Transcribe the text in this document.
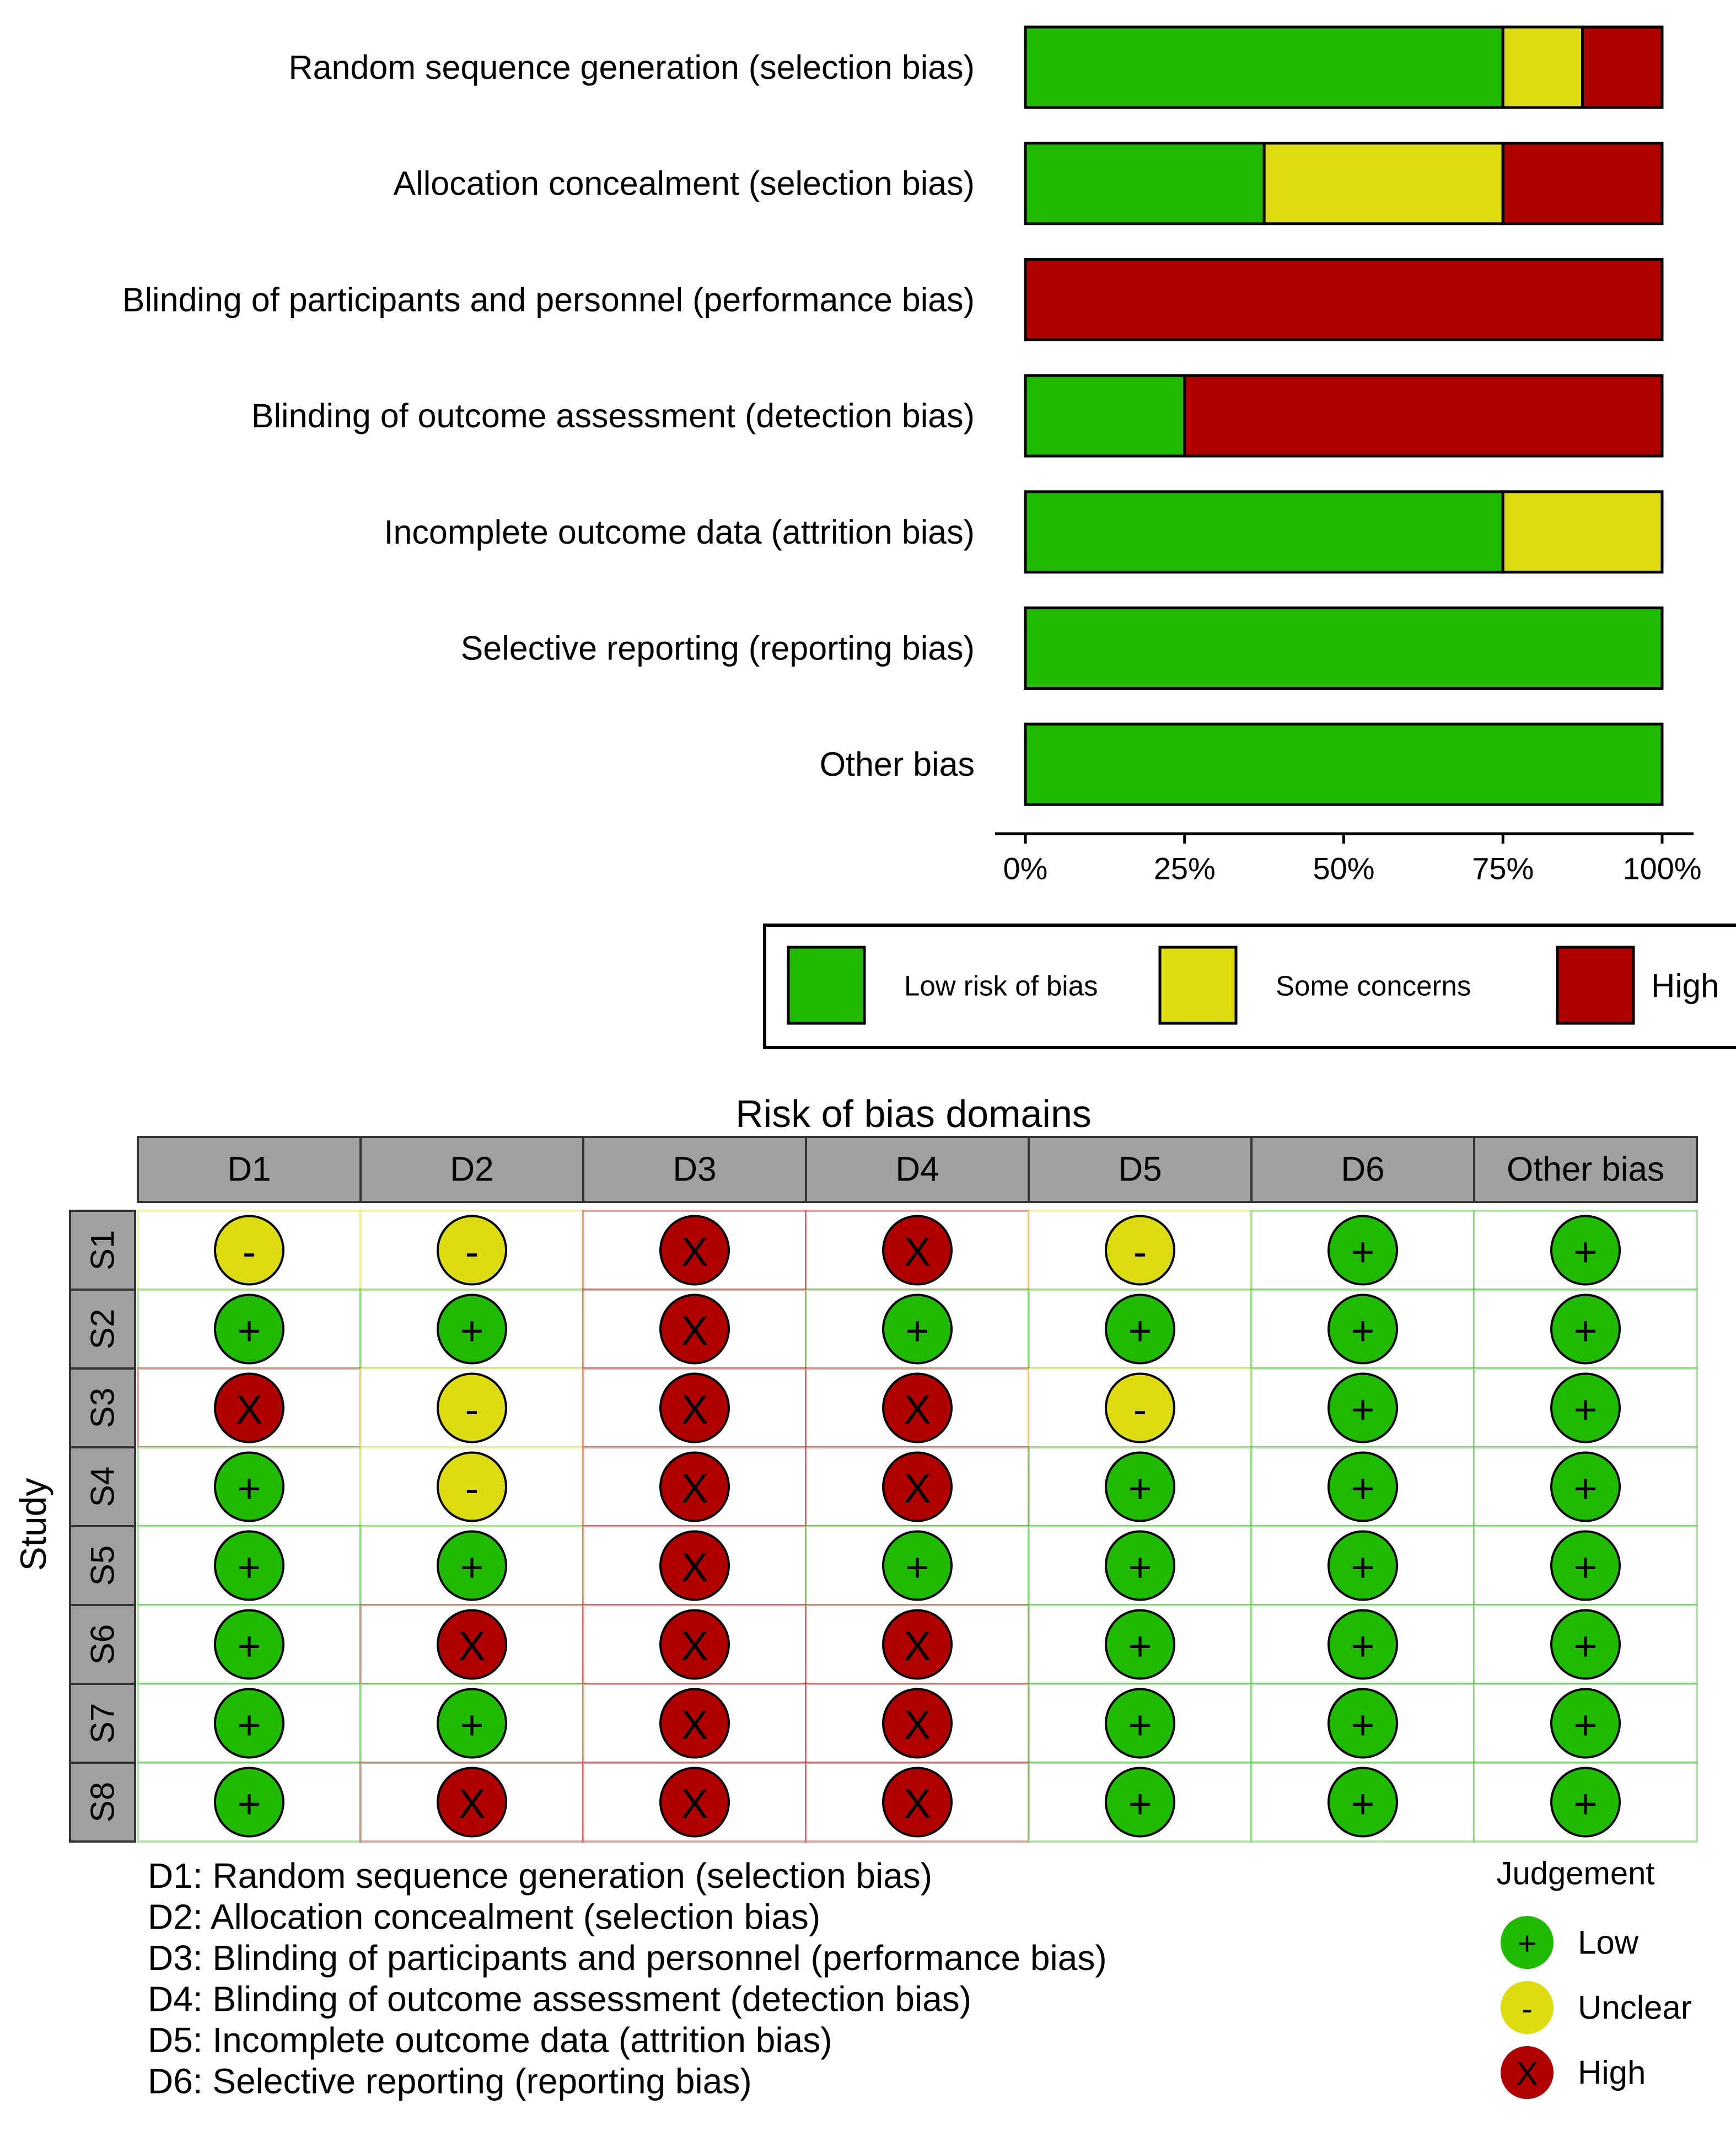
Random sequence generation (selection bias)
Allocation concealment (selection bias)
Blinding of participants and personnel (performance bias)
Blinding of outcome assessment (detection bias)
Incomplete outcome data (attrition bias)
Selective reporting (reporting bias)
Other bias
0%	25%	50%	75%	100%
Low risk of bias	Some concerns	High
Risk of bias domains
D1	D2	D3	D4	D5	D6	Other bias
Study
S1	-	-	X	X	-	+	+
S2	+	+	X	+	+	+	+
S3	X	-	X	X	-	+	+
S4	+	-	X	X	+	+	+
S5	+	+	X	+	+	+	+
S6	+	X	X	X	+	+	+
S7	+	+	X	X	+	+	+
S8	+	X	X	X	+	+	+
D1: Random sequence generation (selection bias)
D2: Allocation concealment (selection bias)
D3: Blinding of participants and personnel (performance bias)
D4: Blinding of outcome assessment (detection bias)
D5: Incomplete outcome data (attrition bias)
D6: Selective reporting (reporting bias)
Judgement
+ Low
- Unclear
X High
